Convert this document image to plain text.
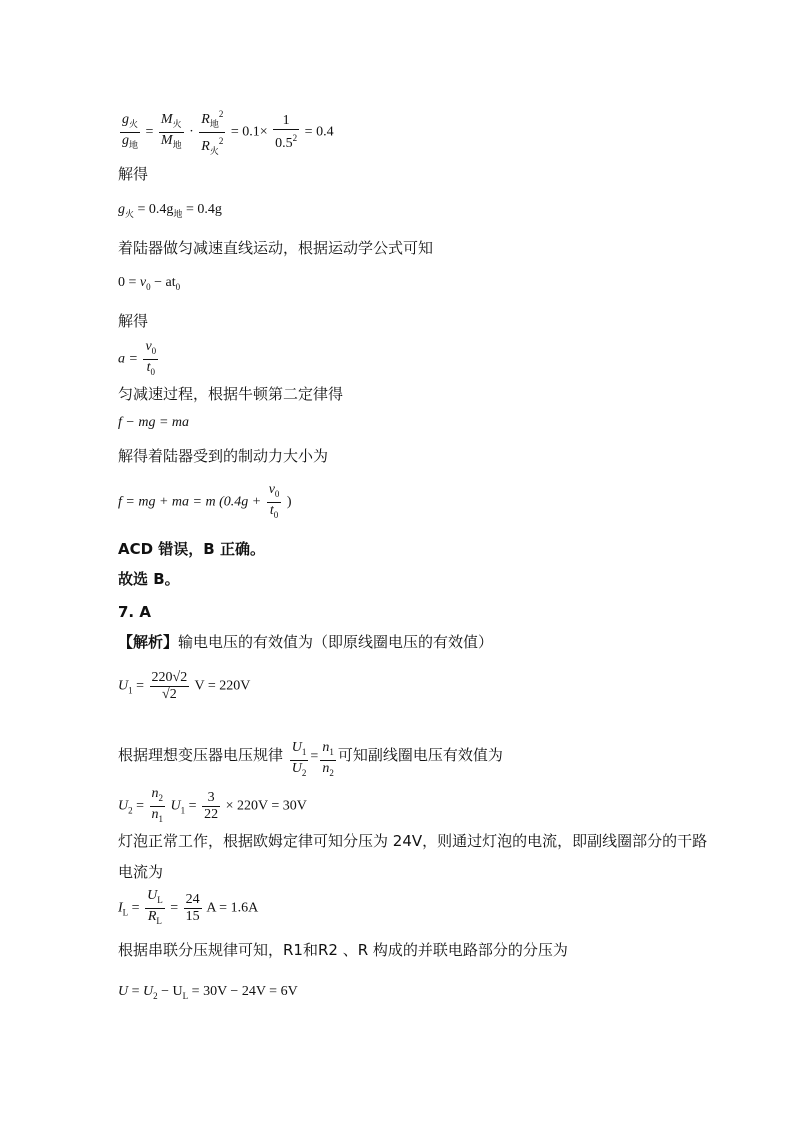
$\frac{g_火}{g_地} = \frac{M_火}{M_地} \cdot \frac{R_地^2}{R_火^2} = 0.1\times \frac{1}{0.5^2} = 0.4$
解得
$g_火 = 0.4g_地 = 0.4g$
着陆器做匀减速直线运动，根据运动学公式可知
$0 = v_0 - at_0$
解得
$a = \frac{v_0}{t_0}$
匀减速过程，根据牛顿第二定律得
f − mg = ma
解得着陆器受到的制动力大小为
f = mg + ma = m ($0.4g + \frac{v_0}{t_0}$ )
ACD 错误，B 正确。
故选 B。
7. A
【解析】输电电压的有效值为（即原线圈电压的有效值）
$U_1 = \frac{220√2}{√2}$ V = 220V
根据理想变压器电压规律 $\frac{U_1}{U_2} = \frac{n_1}{n_2}$ 可知副线圈电压有效值为
$U_2 = \frac{n_2}{n_1} U_1 = \frac{3}{22} \times 220V = 30V$
灯泡正常工作，根据欧姆定律可知分压为 24V，则通过灯泡的电流，即副线圈部分的干路
电流为
$I_L = \frac{U_L}{R_L} = \frac{24}{15}$ A = 1.6A
根据串联分压规律可知，R1和R2 、R 构成的并联电路部分的分压为
$U = U_2 - U_L = 30V - 24V = 6V$
